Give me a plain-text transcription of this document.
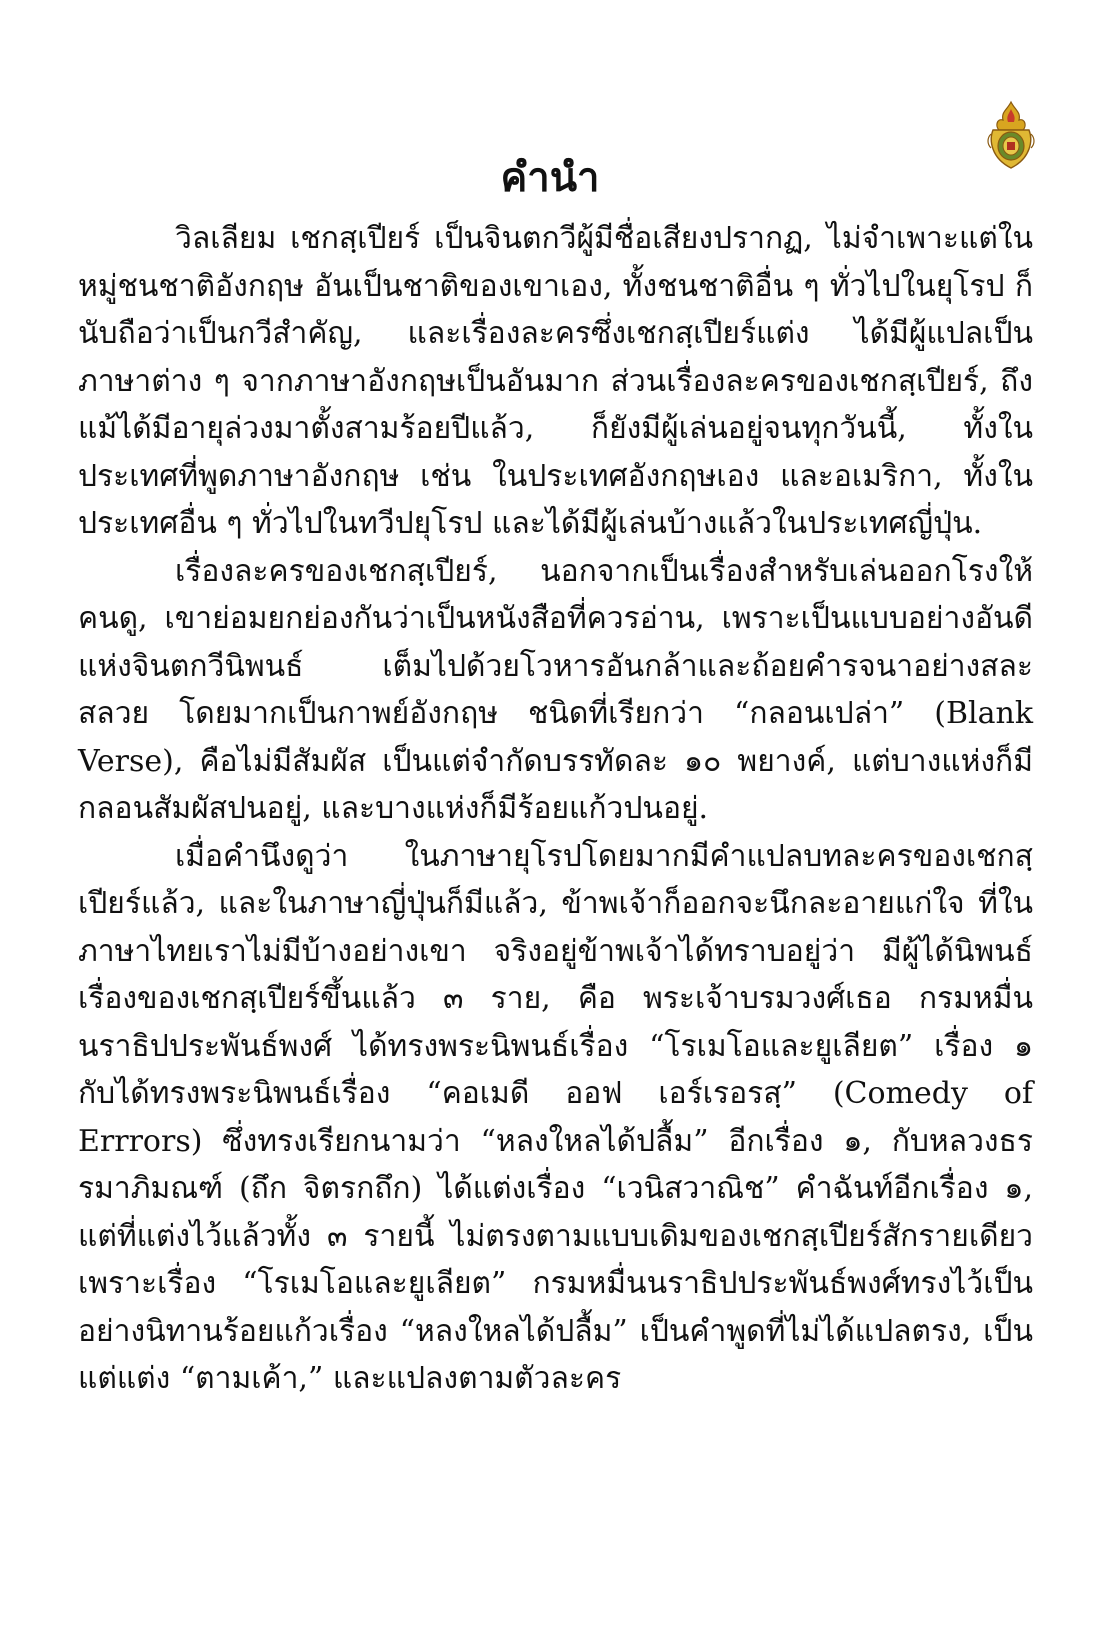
คำนำ

วิลเลียม เชกสฺเปียร์ เป็นจินตกวีผู้มีชื่อเสียงปรากฏ, ไม่จำเพาะแต่ในหมู่ชนชาติอังกฤษ อันเป็นชาติของเขาเอง, ทั้งชนชาติอื่น ๆ ทั่วไปในยุโรป ก็นับถือว่าเป็นกวีสำคัญ, และเรื่องละครซึ่งเชกสฺเปียร์แต่ง ได้มีผู้แปลเป็นภาษาต่าง ๆ จากภาษาอังกฤษเป็นอันมาก ส่วนเรื่องละครของเชกสฺเปียร์, ถึงแม้ได้มีอายุล่วงมาตั้งสามร้อยปีแล้ว, ก็ยังมีผู้เล่นอยู่จนทุกวันนี้, ทั้งในประเทศที่พูดภาษาอังกฤษ เช่น ในประเทศอังกฤษเอง และอเมริกา, ทั้งในประเทศอื่น ๆ ทั่วไปในทวีปยุโรป และได้มีผู้เล่นบ้างแล้วในประเทศญี่ปุ่น.

เรื่องละครของเชกสฺเปียร์, นอกจากเป็นเรื่องสำหรับเล่นออกโรงให้คนดู, เขาย่อมยกย่องกันว่าเป็นหนังสือที่ควรอ่าน, เพราะเป็นแบบอย่างอันดีแห่งจินตกวีนิพนธ์ เต็มไปด้วยโวหารอันกล้าและถ้อยคำรจนาอย่างสละสลวย โดยมากเป็นกาพย์อังกฤษ ชนิดที่เรียกว่า “กลอนเปล่า” (Blank Verse), คือไม่มีสัมผัส เป็นแต่จำกัดบรรทัดละ ๑๐ พยางค์, แต่บางแห่งก็มีกลอนสัมผัสปนอยู่, และบางแห่งก็มีร้อยแก้วปนอยู่.

เมื่อคำนึงดูว่า ในภาษายุโรปโดยมากมีคำแปลบทละครของเชกสฺเปียร์แล้ว, และในภาษาญี่ปุ่นก็มีแล้ว, ข้าพเจ้าก็ออกจะนึกละอายแก่ใจ ที่ในภาษาไทยเราไม่มีบ้างอย่างเขา จริงอยู่ข้าพเจ้าได้ทราบอยู่ว่า มีผู้ได้นิพนธ์เรื่องของเชกสฺเปียร์ขึ้นแล้ว ๓ ราย, คือ พระเจ้าบรมวงศ์เธอ กรมหมื่นนราธิปประพันธ์พงศ์ ได้ทรงพระนิพนธ์เรื่อง “โรเมโอและยูเลียต” เรื่อง ๑ กับได้ทรงพระนิพนธ์เรื่อง “คอเมดี ออฟ เอร์เรอรสฺ” (Comedy of Errrors) ซึ่งทรงเรียกนามว่า “หลงใหลได้ปลื้ม” อีกเรื่อง ๑, กับหลวงธรรมาภิมณฑ์ (ถึก จิตรกถึก) ได้แต่งเรื่อง “เวนิสวาณิช” คำฉันท์อีกเรื่อง ๑, แต่ที่แต่งไว้แล้วทั้ง ๓ รายนี้ ไม่ตรงตามแบบเดิมของเชกสฺเปียร์สักรายเดียว เพราะเรื่อง “โรเมโอและยูเลียต” กรมหมื่นนราธิปประพันธ์พงศ์ทรงไว้เป็นอย่างนิทานร้อยแก้วเรื่อง “หลงใหลได้ปลื้ม” เป็นคำพูดที่ไม่ได้แปลตรง, เป็นแต่แต่ง “ตามเค้า,” และแปลงตามตัวละคร
